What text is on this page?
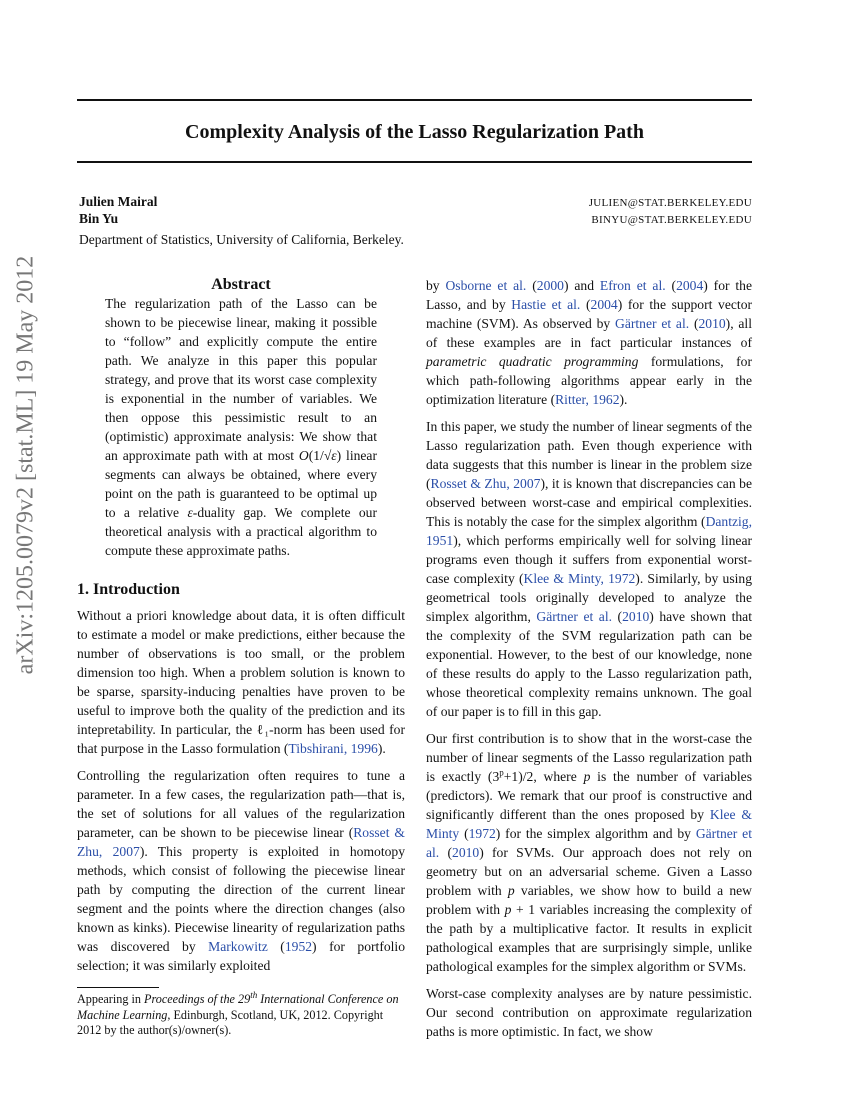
arXiv:1205.0079v2 [stat.ML] 19 May 2012
Complexity Analysis of the Lasso Regularization Path
Julien Mairal	JULIEN@STAT.BERKELEY.EDU
Bin Yu	BINYU@STAT.BERKELEY.EDU
Department of Statistics, University of California, Berkeley.
Abstract

The regularization path of the Lasso can be shown to be piecewise linear, making it possible to “follow” and explicitly compute the entire path. We analyze in this paper this popular strategy, and prove that its worst case complexity is exponential in the number of variables. We then oppose this pessimistic result to an (optimistic) approximate analysis: We show that an approximate path with at most O(1/√ε) linear segments can always be obtained, where every point on the path is guaranteed to be optimal up to a relative ε-duality gap. We complete our theoretical analysis with a practical algorithm to compute these approximate paths.

1. Introduction

Without a priori knowledge about data, it is often difficult to estimate a model or make predictions, either because the number of observations is too small, or the problem dimension too high. When a problem solution is known to be sparse, sparsity-inducing penalties have proven to be useful to improve both the quality of the prediction and its intepretability. In particular, the ℓ₁-norm has been used for that purpose in the Lasso formulation (Tibshirani, 1996).

Controlling the regularization often requires to tune a parameter. In a few cases, the regularization path—that is, the set of solutions for all values of the regularization parameter, can be shown to be piecewise linear (Rosset & Zhu, 2007). This property is exploited in homotopy methods, which consist of following the piecewise linear path by computing the direction of the current linear segment and the points where the direction changes (also known as kinks). Piecewise linearity of regularization paths was discovered by Markowitz (1952) for portfolio selection; it was similarly exploited

Appearing in Proceedings of the 29th International Conference on Machine Learning, Edinburgh, Scotland, UK, 2012. Copyright 2012 by the author(s)/owner(s).

by Osborne et al. (2000) and Efron et al. (2004) for the Lasso, and by Hastie et al. (2004) for the support vector machine (SVM). As observed by Gärtner et al. (2010), all of these examples are in fact particular instances of parametric quadratic programming formulations, for which path-following algorithms appear early in the optimization literature (Ritter, 1962).

In this paper, we study the number of linear segments of the Lasso regularization path. Even though experience with data suggests that this number is linear in the problem size (Rosset & Zhu, 2007), it is known that discrepancies can be observed between worst-case and empirical complexities. This is notably the case for the simplex algorithm (Dantzig, 1951), which performs empirically well for solving linear programs even though it suffers from exponential worst-case complexity (Klee & Minty, 1972). Similarly, by using geometrical tools originally developed to analyze the simplex algorithm, Gärtner et al. (2010) have shown that the complexity of the SVM regularization path can be exponential. However, to the best of our knowledge, none of these results do apply to the Lasso regularization path, whose theoretical complexity remains unknown. The goal of our paper is to fill in this gap.

Our first contribution is to show that in the worst-case the number of linear segments of the Lasso regularization path is exactly $(3^p+1)/2$, where p is the number of variables (predictors). We remark that our proof is constructive and significantly different than the ones proposed by Klee & Minty (1972) for the simplex algorithm and by Gärtner et al. (2010) for SVMs. Our approach does not rely on geometry but on an adversarial scheme. Given a Lasso problem with p variables, we show how to build a new problem with p + 1 variables increasing the complexity of the path by a multiplicative factor. It results in explicit pathological examples that are surprisingly simple, unlike pathological examples for the simplex algorithm or SVMs.

Worst-case complexity analyses are by nature pessimistic. Our second contribution on approximate regularization paths is more optimistic. In fact, we show
